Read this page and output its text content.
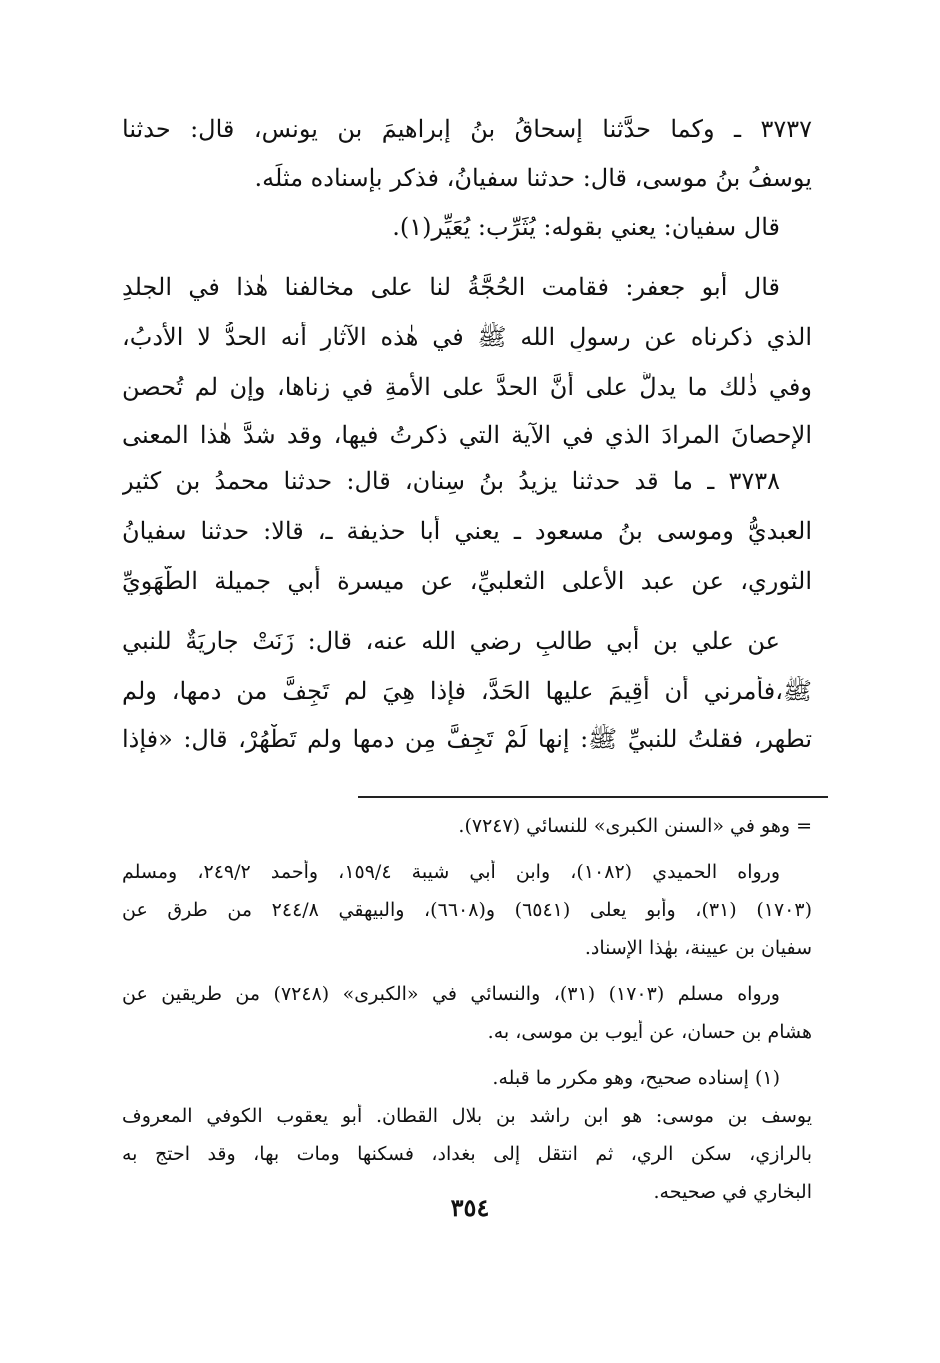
٣٧٣٧ ـ وكما حدَّثنا إسحاقُ بنُ إبراهيمَ بن يونس، قال: حدثنا
يوسفُ بنُ موسى، قال: حدثنا سفيانُ، فذكر بإسناده مثلَه.
قال سفيان: يعني بقوله: يُثَرِّب: يُعَيِّر(١).
قال أبو جعفر: فقامت الحُجَّةُ لنا على مخالفنا هٰذا في الجلدِ
الذي ذكرناه عن رسولِ الله ﷺ في هٰذه الآثارِ أنه الحدُّ لا الأدبُ،
وفي ذٰلك ما يدلُّ على أنَّ الحدَّ على الأمةِ في زناها، وإن لم تُحصن
الإحصانَ المرادَ الذي في الآية التي ذكرتُ فيها، وقد شدَّ هٰذا المعنى
٣٧٣٨ ـ ما قد حدثنا يزيدُ بنُ سِنان، قال: حدثنا محمدُ بن كثير
العبديُّ وموسى بنُ مسعود ـ يعني أبا حذيفة ـ، قالا: حدثنا سفيانُ
الثوري، عن عبد الأعلى الثعلبيِّ، عن ميسرة أبي جميلة الطُّهَوِيِّ
عن علي بن أبي طالبٍ رضي الله عنه، قال: زَنَتْ جاريَةٌ للنبي
ﷺ،فأمرني أن أُقِيمَ عليها الحَدَّ، فإذا هِيَ لم تَجِفَّ من دمها، ولم
تطهر، فقلتُ للنبيِّ ﷺ: إنها لَمْ تَجِفَّ مِن دمها ولم تَطْهُرْ، قال: «فإذا
= وهو في «السنن الكبرى» للنسائي (٧٢٤٧).
ورواه الحميدي (١٠٨٢)، وابن أبي شيبة ١٥٩/٤، وأحمد ٢٤٩/٢، ومسلم
(١٧٠٣) (٣١)، وأبو يعلى (٦٥٤١) و(٦٦٠٨)، والبيهقي ٢٤٤/٨ من طرق عن
سفيان بن عيينة، بهٰذا الإسناد.
ورواه مسلم (١٧٠٣) (٣١)، والنسائي في «الكبرى» (٧٢٤٨) من طريقين عن
هشام بن حسان، عن أيوب بن موسى، به.
(١) إسناده صحيح، وهو مكرر ما قبله.
يوسف بن موسى: هو ابن راشد بن بلال القطان. أبو يعقوب الكوفي المعروف
بالرازي، سكن الري، ثم انتقل إلى بغداد، فسكنها ومات بها، وقد احتج به
البخاري في صحيحه.
٣٥٤
